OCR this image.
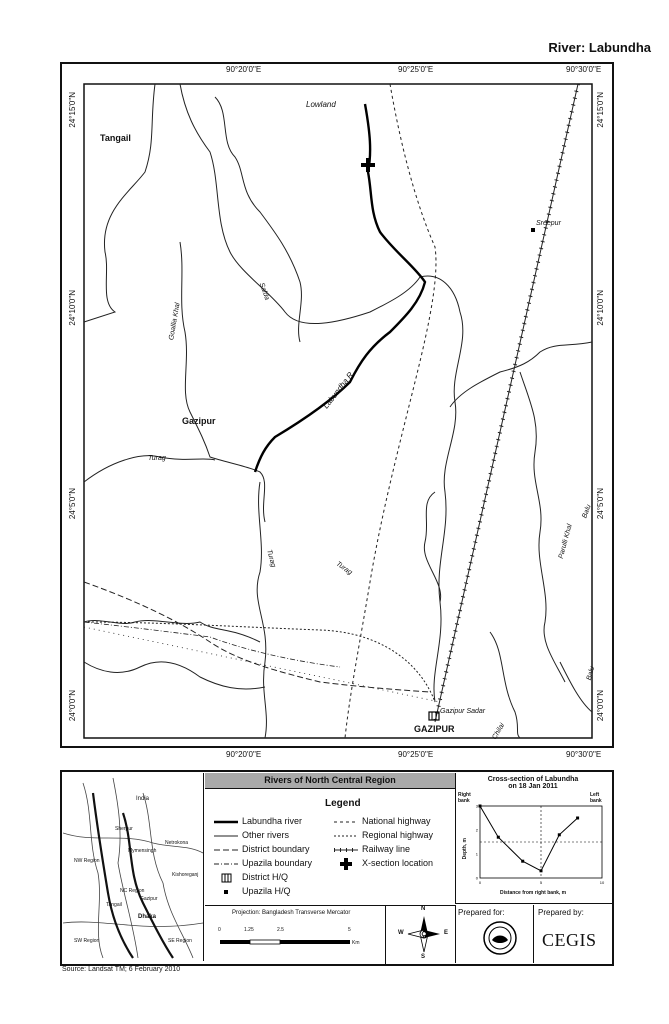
River: Labundha
90°20'0"E	90°25'0"E	90°30'0"E
90°20'0"E	90°25'0"E	90°30'0"E
24°15'0"N
24°10'0"N
24°5'0"N
24°0'0"N
24°15'0"N
24°10'0"N
24°5'0"N
24°0'0"N
Lowland
Tangail
Gazipur
Sreepur
Gazipur Sadar
GAZIPUR
Labundha R.
Salda
Goallia Khal
Turag
Turag
Turag
Parulli Khal
Balu
Balu
Chilai
India
Sherpur
Mymensingh
Netrokona
NW Region
NC Region
Dhaka
SW Region	SE Region
Tangail
Gazipur
Kishoreganj
Rivers of North Central Region
Legend
Labundha river
Other rivers
District boundary
Upazila boundary
District H/Q
Upazila H/Q
National highway
Regional highway
Railway line
X-section location
Cross-section of Labundha
on 18 Jan 2011
Right bank
Left bank
Depth, m
Distance from right bank, m
0	5	10
0
1
2
3
Projection: Bangladesh Transverse Mercator
0	1.25	2.5	5
Km
N
S
E
W
Prepared for:	Prepared by:
CEGIS
Source: Landsat TM; 6 February 2010
